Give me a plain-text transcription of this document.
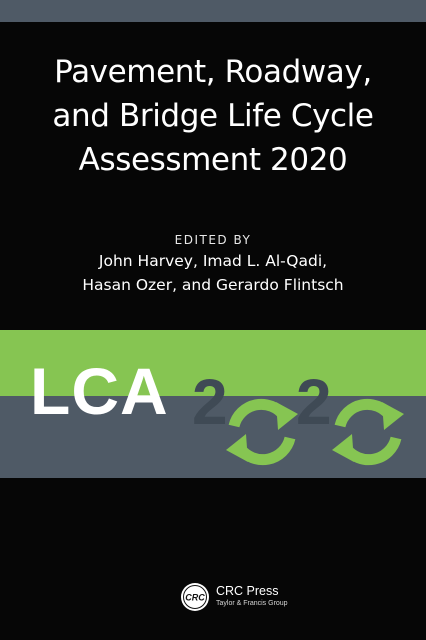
Pavement, Roadway,
and Bridge Life Cycle
Assessment 2020
EDITED BY
John Harvey, Imad L. Al-Qadi,
Hasan Ozer, and Gerardo Flintsch
LCA 2 2
CRC CRC Press
Taylor & Francis Group
